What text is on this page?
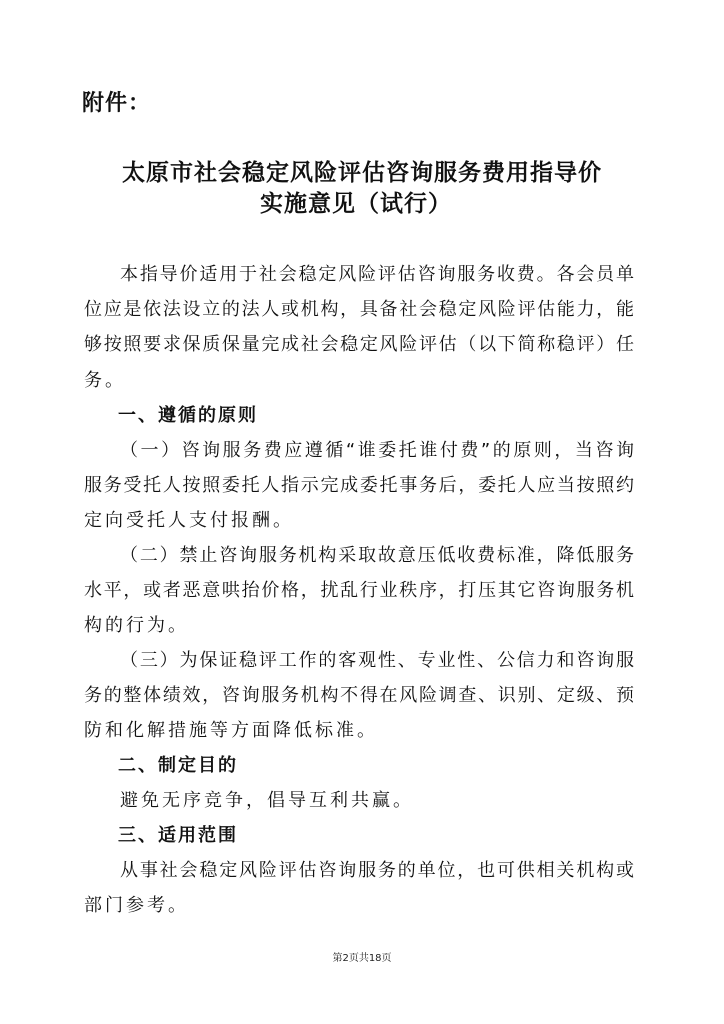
附件：
太原市社会稳定风险评估咨询服务费用指导价
实施意见（试行）
本指导价适用于社会稳定风险评估咨询服务收费。各会员单
位应是依法设立的法人或机构，具备社会稳定风险评估能力，能
够按照要求保质保量完成社会稳定风险评估（以下简称稳评）任
务。
一、遵循的原则
（一）咨询服务费应遵循“谁委托谁付费”的原则，当咨询
服务受托人按照委托人指示完成委托事务后，委托人应当按照约
定向受托人支付报酬。
（二）禁止咨询服务机构采取故意压低收费标准，降低服务
水平，或者恶意哄抬价格，扰乱行业秩序，打压其它咨询服务机
构的行为。
（三）为保证稳评工作的客观性、专业性、公信力和咨询服
务的整体绩效，咨询服务机构不得在风险调查、识别、定级、预
防和化解措施等方面降低标准。
二、制定目的
避免无序竞争，倡导互利共赢。
三、适用范围
从事社会稳定风险评估咨询服务的单位，也可供相关机构或
部门参考。
第2页共18页
